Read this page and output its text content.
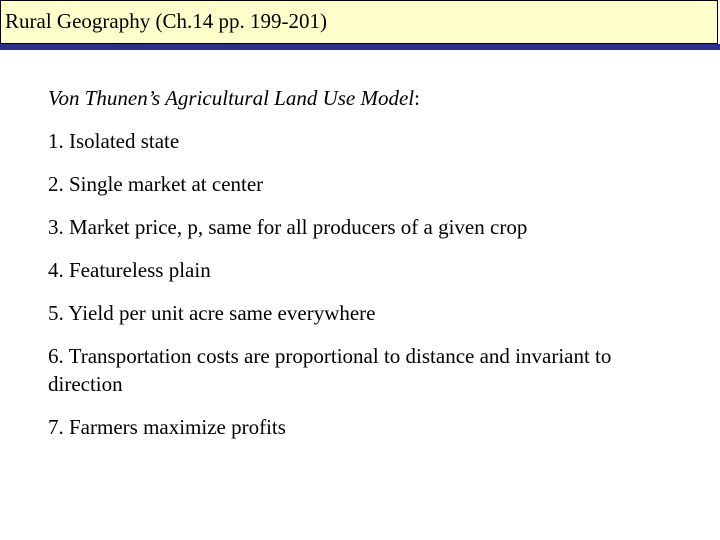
Rural Geography (Ch.14 pp. 199-201)

Von Thunen’s Agricultural Land Use Model:

1. Isolated state

2. Single market at center

3. Market price, p, same for all producers of a given crop

4. Featureless plain

5. Yield per unit acre same everywhere

6. Transportation costs are proportional to distance and invariant to direction

7. Farmers maximize profits
